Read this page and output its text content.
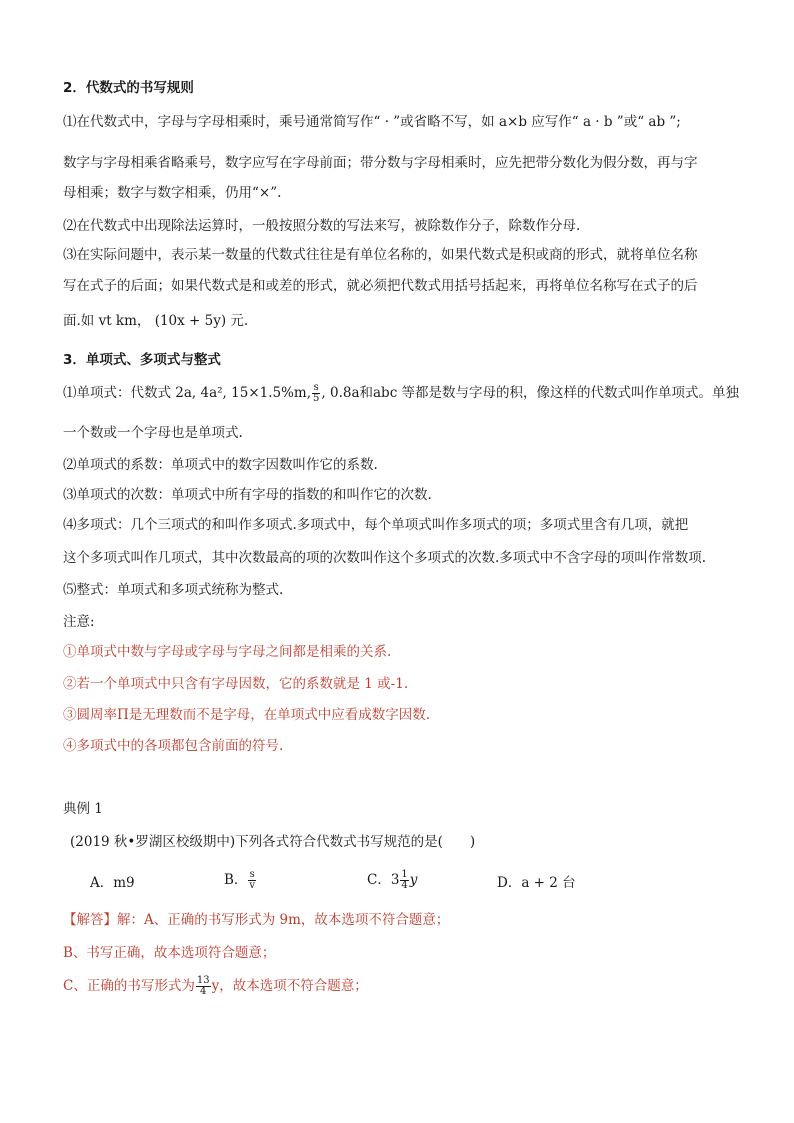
2．代数式的书写规则
⑴在代数式中，字母与字母相乘时，乘号通常简写作“ · ”或省略不写，如 a×b 应写作“ a · b ”或“ ab ”;
数字与字母相乘省略乘号，数字应写在字母前面；带分数与字母相乘时，应先把带分数化为假分数，再与字
母相乘；数字与数字相乘，仍用“×”.
⑵在代数式中出现除法运算时，一般按照分数的写法来写，被除数作分子，除数作分母.
⑶在实际问题中，表示某一数量的代数式往往是有单位名称的，如果代数式是积或商的形式，就将单位名称
写在式子的后面；如果代数式是和或差的形式，就必须把代数式用括号括起来，再将单位名称写在式子的后
面.如 vt km， (10x + 5y) 元.
3．单项式、多项式与整式
⑴单项式：代数式 2a, 4a², 15×1.5%m, $\frac{s}{5}$ , 0.8a和abc 等都是数与字母的积，像这样的代数式叫作单项式。单独
一个数或一个字母也是单项式.
⑵单项式的系数：单项式中的数字因数叫作它的系数.
⑶单项式的次数：单项式中所有字母的指数的和叫作它的次数.
⑷多项式：几个三项式的和叫作多项式.多项式中，每个单项式叫作多项式的项；多项式里含有几项，就把
这个多项式叫作几项式，其中次数最高的项的次数叫作这个多项式的次数.多项式中不含字母的项叫作常数项.
⑸整式：单项式和多项式统称为整式.
注意:
①单项式中数与字母或字母与字母之间都是相乘的关系.
②若一个单项式中只含有字母因数，它的系数就是 1 或-1.
③圆周率Π是无理数而不是字母，在单项式中应看成数字因数.
④多项式中的各项都包含前面的符号.
典例 1
(2019 秋•罗湖区校级期中)下列各式符合代数式书写规范的是(　　)
A．m9	B． $\frac{s}{v}$	C．$3 \frac{1}{4}$ y	D．a + 2 台
【解答】解：A、正确的书写形式为 9m，故本选项不符合题意；
B、书写正确，故本选项符合题意；
C、正确的书写形式为 $\frac{13}{4}$ y，故本选项不符合题意；
